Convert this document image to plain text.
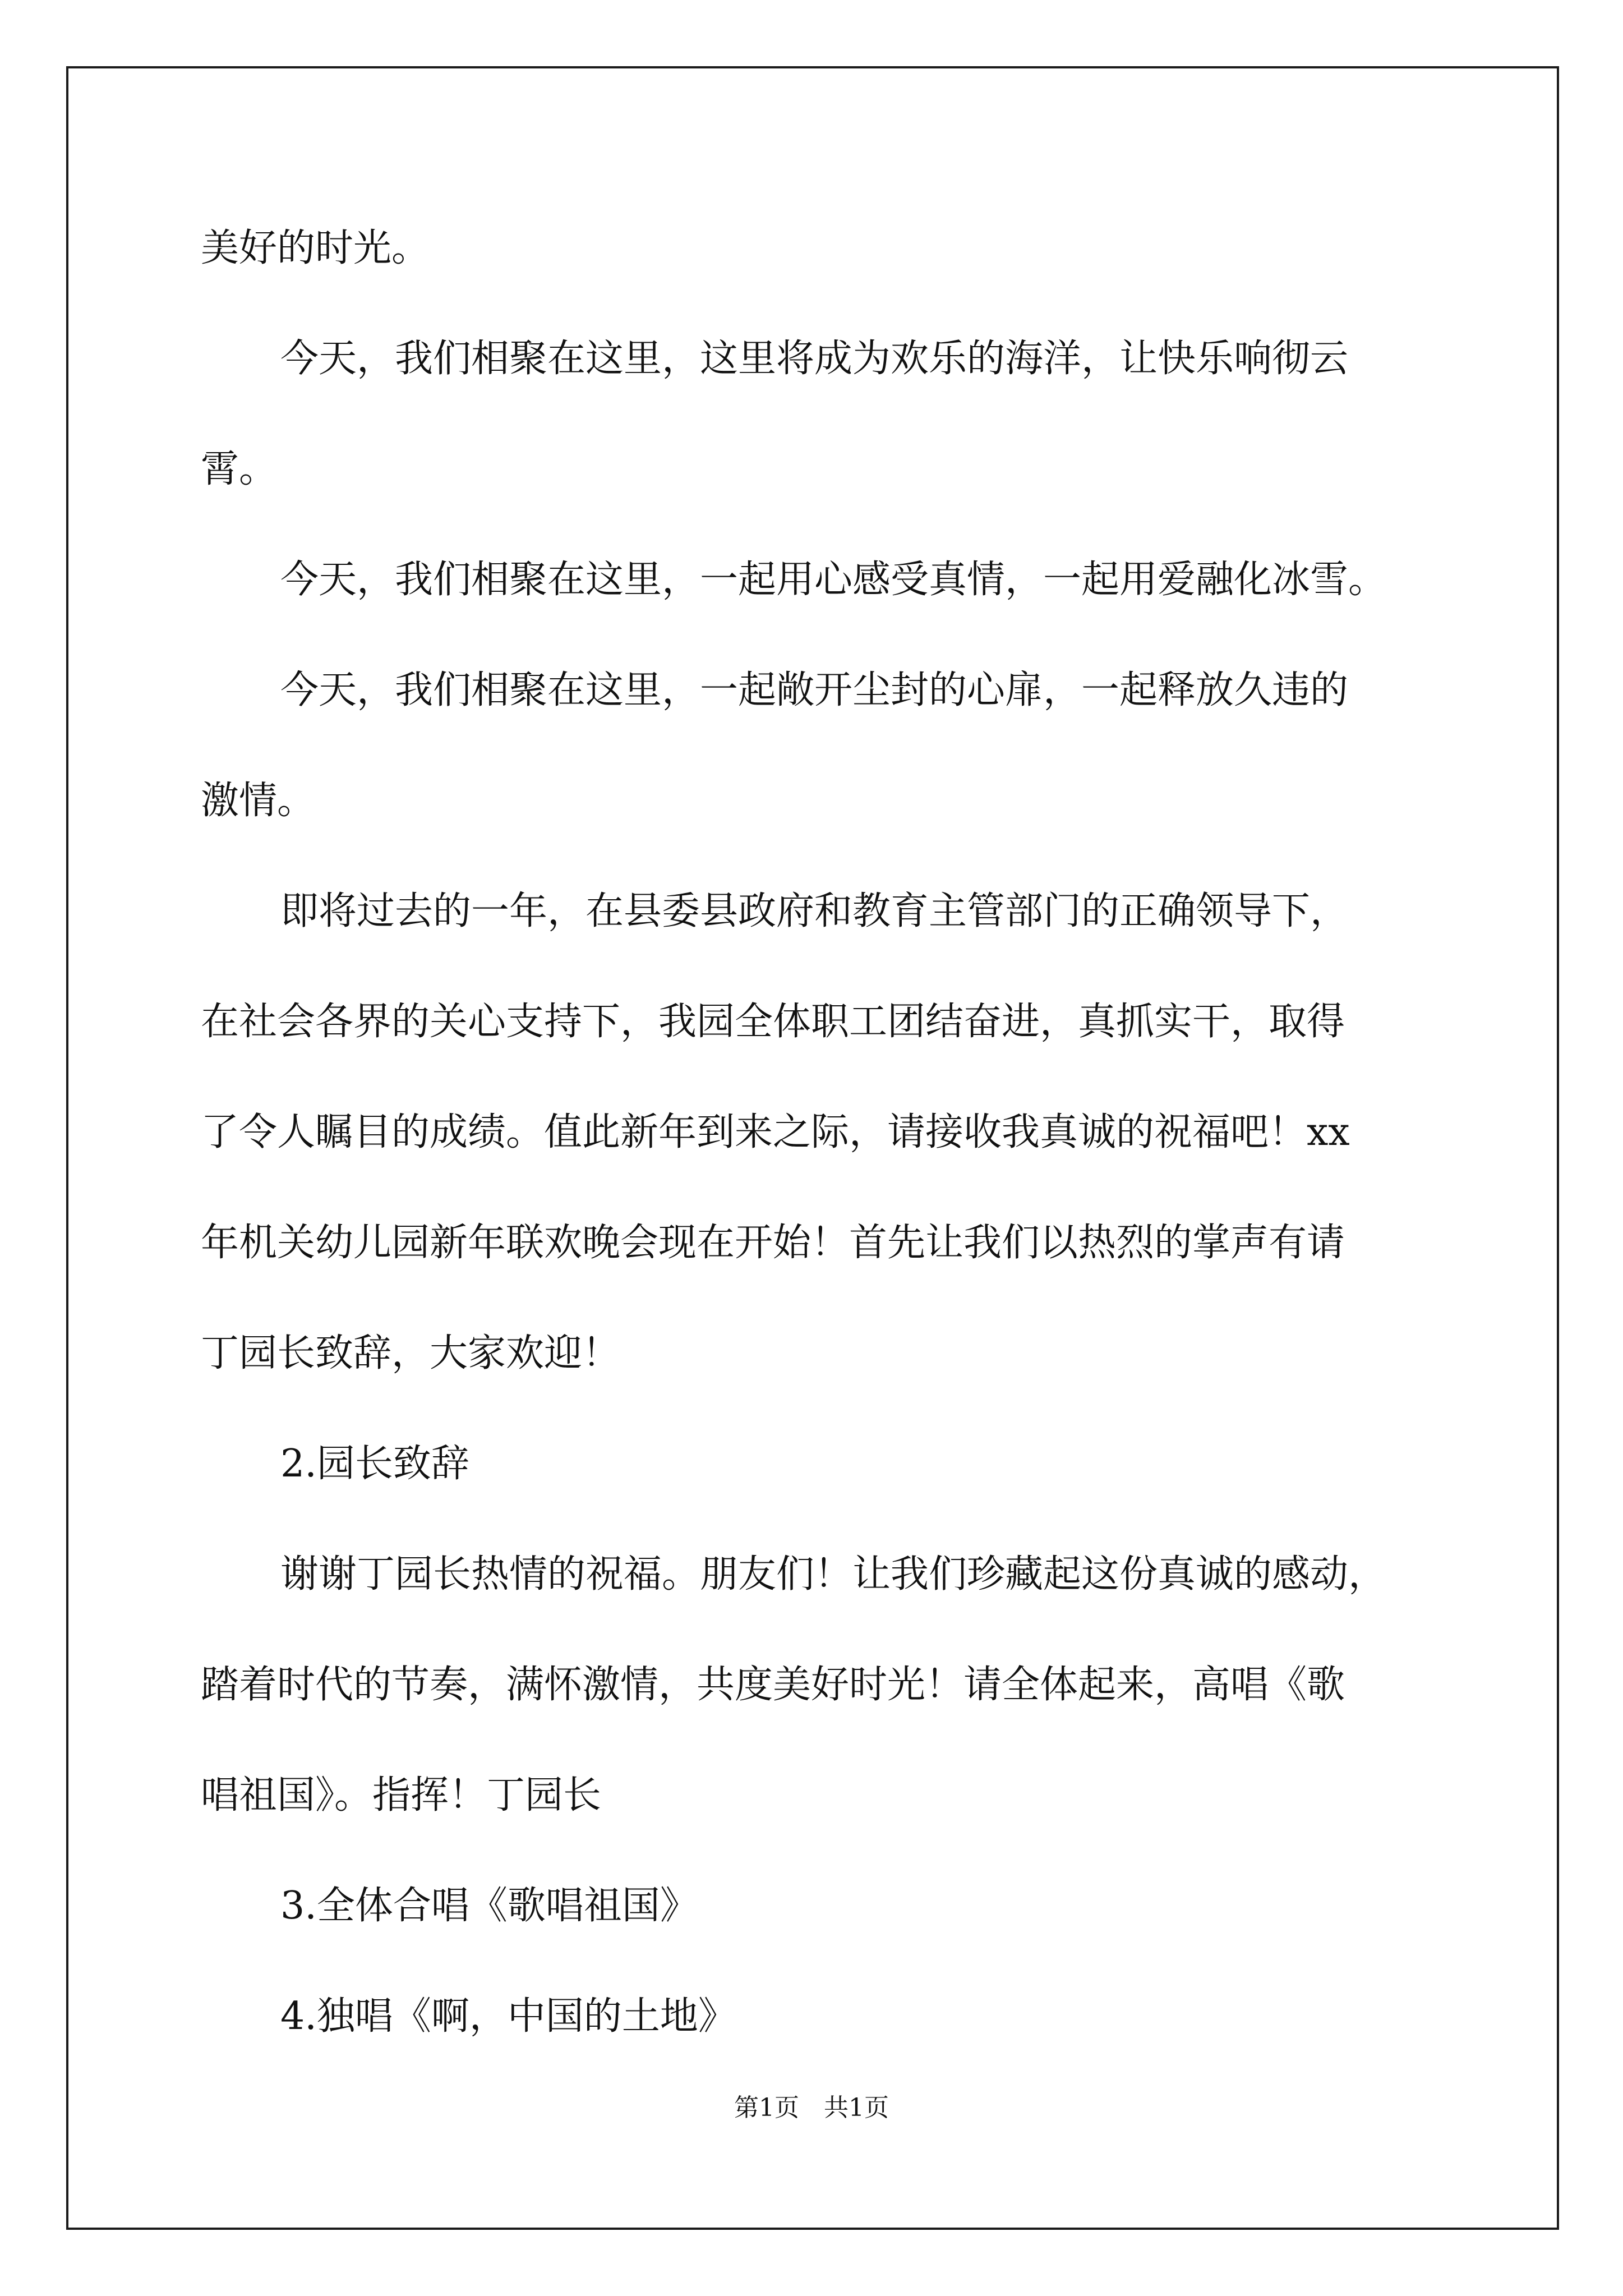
美好的时光。

今天，我们相聚在这里，这里将成为欢乐的海洋，让快乐响彻云

霄。

今天，我们相聚在这里，一起用心感受真情，一起用爱融化冰雪。

今天，我们相聚在这里，一起敞开尘封的心扉，一起释放久违的

激情。

即将过去的一年，在县委县政府和教育主管部门的正确领导下，

在社会各界的关心支持下，我园全体职工团结奋进，真抓实干，取得

了令人瞩目的成绩。值此新年到来之际，请接收我真诚的祝福吧！xx

年机关幼儿园新年联欢晚会现在开始！首先让我们以热烈的掌声有请

丁园长致辞，大家欢迎！

2.园长致辞

谢谢丁园长热情的祝福。朋友们！让我们珍藏起这份真诚的感动，

踏着时代的节奏，满怀激情，共度美好时光！请全体起来，高唱《歌

唱祖国》。指挥！丁园长

3.全体合唱《歌唱祖国》

4.独唱《啊，中国的土地》

第1页　共1页
